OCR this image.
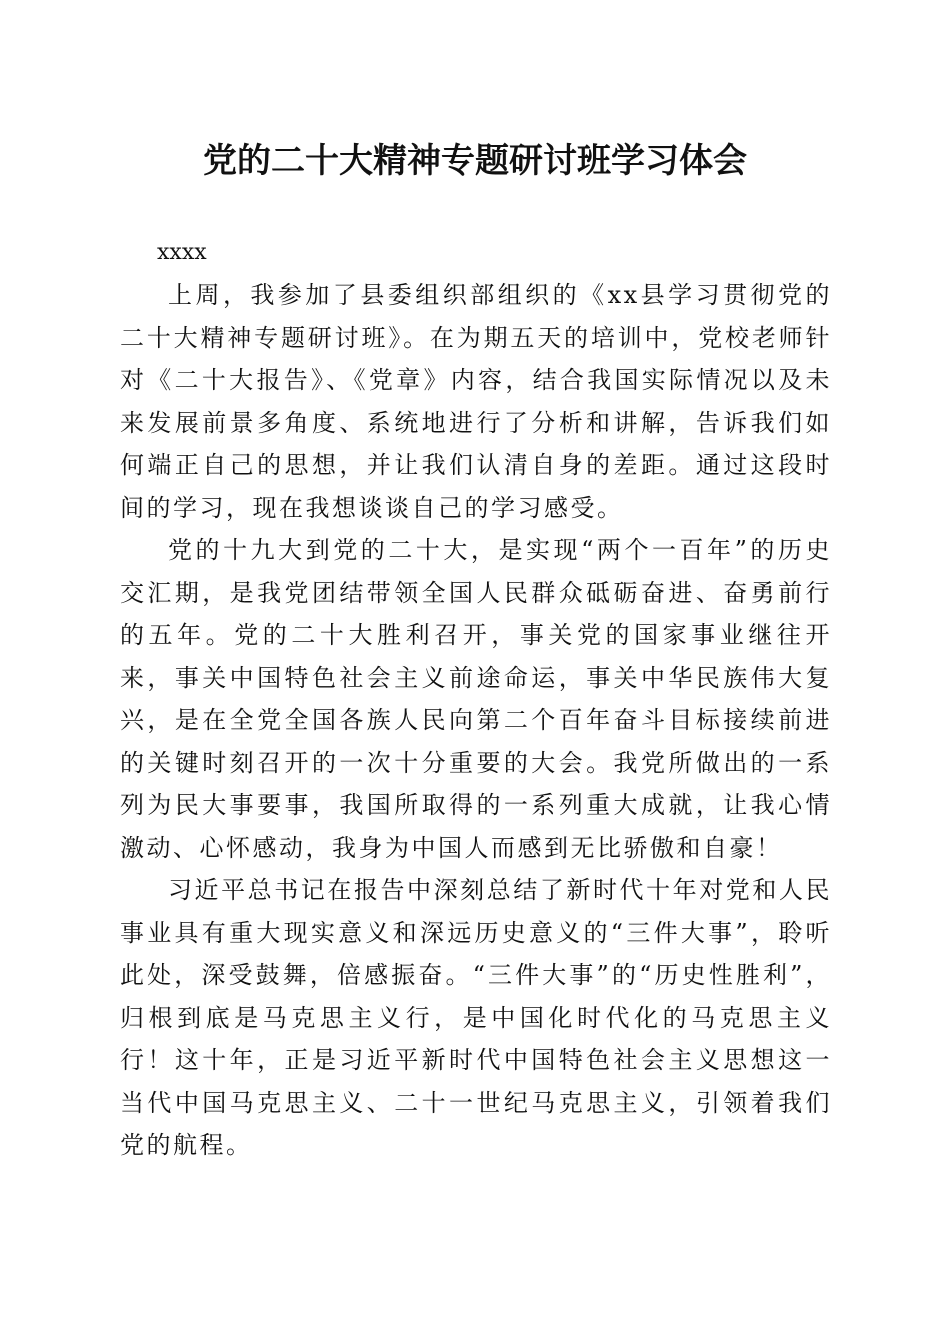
党的二十大精神专题研讨班学习体会

xxxx

上周，我参加了县委组织部组织的《xx县学习贯彻党的二十大精神专题研讨班》。在为期五天的培训中，党校老师针对《二十大报告》、《党章》内容，结合我国实际情况以及未来发展前景多角度、系统地进行了分析和讲解，告诉我们如何端正自己的思想，并让我们认清自身的差距。通过这段时间的学习，现在我想谈谈自己的学习感受。

党的十九大到党的二十大，是实现“两个一百年”的历史交汇期，是我党团结带领全国人民群众砥砺奋进、奋勇前行的五年。党的二十大胜利召开，事关党的国家事业继往开来，事关中国特色社会主义前途命运，事关中华民族伟大复兴，是在全党全国各族人民向第二个百年奋斗目标接续前进的关键时刻召开的一次十分重要的大会。我党所做出的一系列为民大事要事，我国所取得的一系列重大成就，让我心情激动、心怀感动，我身为中国人而感到无比骄傲和自豪！

习近平总书记在报告中深刻总结了新时代十年对党和人民事业具有重大现实意义和深远历史意义的“三件大事”，聆听此处，深受鼓舞，倍感振奋。“三件大事”的“历史性胜利”，归根到底是马克思主义行，是中国化时代化的马克思主义行！这十年，正是习近平新时代中国特色社会主义思想这一当代中国马克思主义、二十一世纪马克思主义，引领着我们党的航程。
